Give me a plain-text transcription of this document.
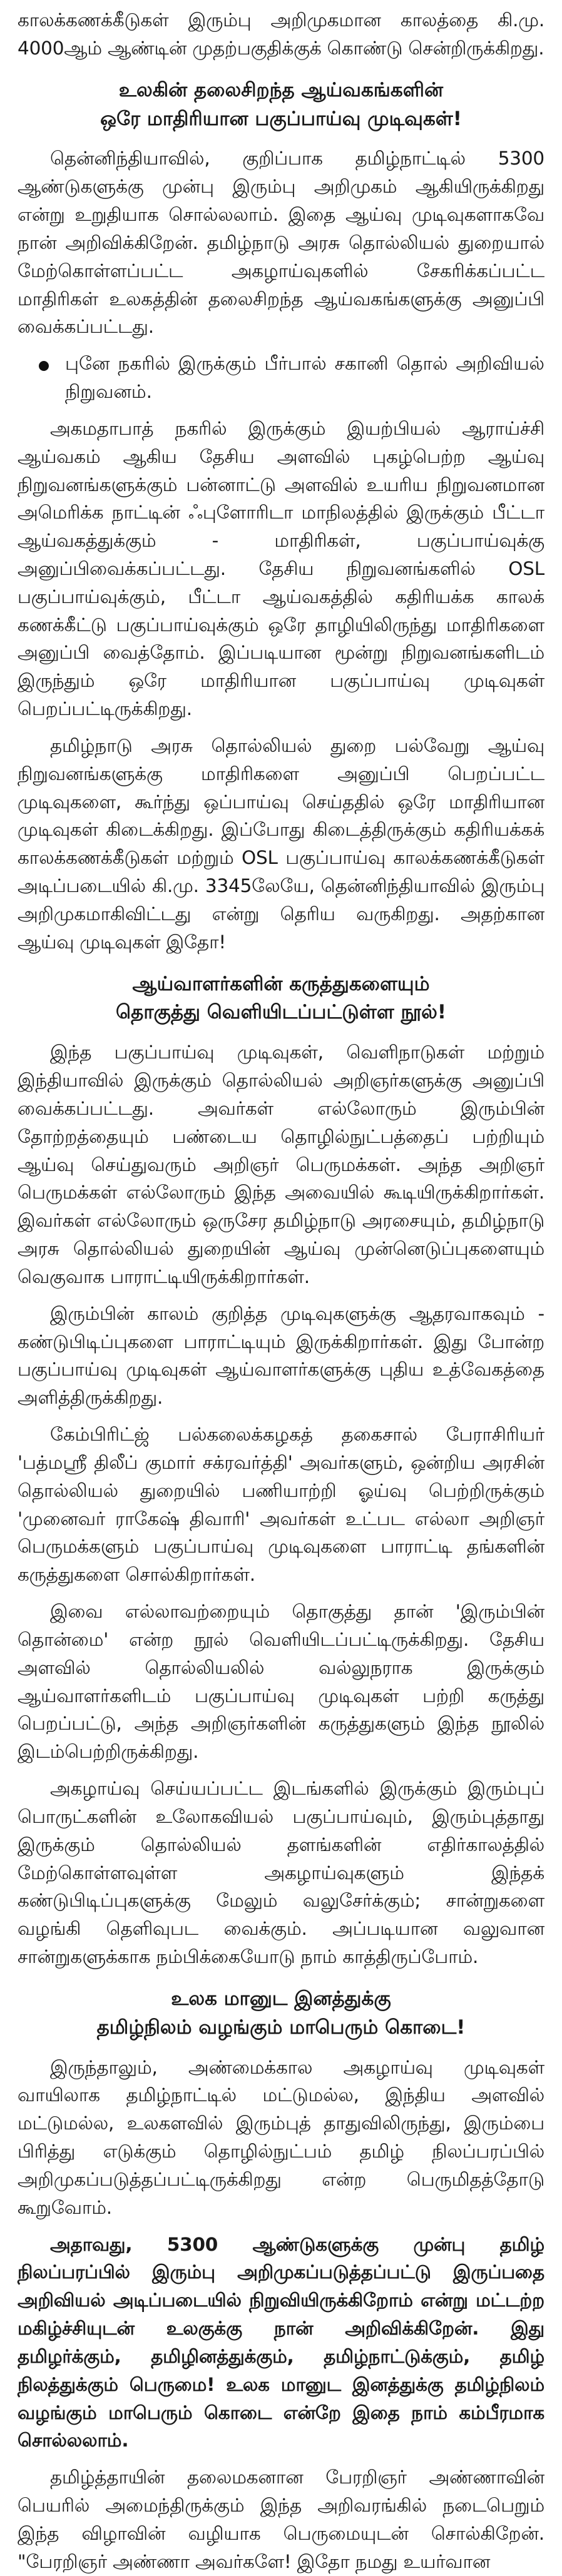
காலக்கணக்கீடுகள் இரும்பு அறிமுகமான காலத்தை கி.மு. 4000ஆம் ஆண்டின் முதற்பகுதிக்குக் கொண்டு சென்றிருக்கிறது.

உலகின் தலைசிறந்த ஆய்வகங்களின்
ஒரே மாதிரியான பகுப்பாய்வு முடிவுகள்!

தென்னிந்தியாவில், குறிப்பாக தமிழ்நாட்டில் 5300 ஆண்டுகளுக்கு முன்பு இரும்பு அறிமுகம் ஆகியிருக்கிறது என்று உறுதியாக சொல்லலாம். இதை ஆய்வு முடிவுகளாகவே நான் அறிவிக்கிறேன். தமிழ்நாடு அரசு தொல்லியல் துறையால் மேற்கொள்ளப்பட்ட அகழாய்வுகளில் சேகரிக்கப்பட்ட மாதிரிகள் உலகத்தின் தலைசிறந்த ஆய்வகங்களுக்கு அனுப்பி வைக்கப்பட்டது.

புனே நகரில் இருக்கும் பீர்பால் சகானி தொல் அறிவியல் நிறுவனம்.

அகமதாபாத் நகரில் இருக்கும் இயற்பியல் ஆராய்ச்சி ஆய்வகம் ஆகிய தேசிய அளவில் புகழ்பெற்ற ஆய்வு நிறுவனங்களுக்கும் பன்னாட்டு அளவில் உயரிய நிறுவனமான அமெரிக்க நாட்டின் ஃபுளோரிடா மாநிலத்தில் இருக்கும் பீட்டா ஆய்வகத்துக்கும் - மாதிரிகள், பகுப்பாய்வுக்கு அனுப்பிவைக்கப்பட்டது. தேசிய நிறுவனங்களில் OSL பகுப்பாய்வுக்கும், பீட்டா ஆய்வகத்தில் கதிரியக்க காலக் கணக்கீட்டு பகுப்பாய்வுக்கும் ஒரே தாழியிலிருந்து மாதிரிகளை அனுப்பி வைத்தோம். இப்படியான மூன்று நிறுவனங்களிடம் இருந்தும் ஒரே மாதிரியான பகுப்பாய்வு முடிவுகள் பெறப்பட்டிருக்கிறது.

தமிழ்நாடு அரசு தொல்லியல் துறை பல்வேறு ஆய்வு நிறுவனங்களுக்கு மாதிரிகளை அனுப்பி பெறப்பட்ட முடிவுகளை, கூர்ந்து ஒப்பாய்வு செய்ததில் ஒரே மாதிரியான முடிவுகள் கிடைக்கிறது. இப்போது கிடைத்திருக்கும் கதிரியக்கக் காலக்கணக்கீடுகள் மற்றும் OSL பகுப்பாய்வு காலக்கணக்கீடுகள் அடிப்படையில் கி.மு. 3345லேயே, தென்னிந்தியாவில் இரும்பு அறிமுகமாகிவிட்டது என்று தெரிய வருகிறது. அதற்கான ஆய்வு முடிவுகள் இதோ!

ஆய்வாளர்களின் கருத்துகளையும்
தொகுத்து வெளியிடப்பட்டுள்ள நூல்!

இந்த பகுப்பாய்வு முடிவுகள், வெளிநாடுகள் மற்றும் இந்தியாவில் இருக்கும் தொல்லியல் அறிஞர்களுக்கு அனுப்பி வைக்கப்பட்டது. அவர்கள் எல்லோரும் இரும்பின் தோற்றத்தையும் பண்டைய தொழில்நுட்பத்தைப் பற்றியும் ஆய்வு செய்துவரும் அறிஞர் பெருமக்கள். அந்த அறிஞர் பெருமக்கள் எல்லோரும் இந்த அவையில் கூடியிருக்கிறார்கள். இவர்கள் எல்லோரும் ஒருசேர தமிழ்நாடு அரசையும், தமிழ்நாடு அரசு தொல்லியல் துறையின் ஆய்வு முன்னெடுப்புகளையும் வெகுவாக பாராட்டியிருக்கிறார்கள்.

இரும்பின் காலம் குறித்த முடிவுகளுக்கு ஆதரவாகவும் - கண்டுபிடிப்புகளை பாராட்டியும் இருக்கிறார்கள். இது போன்ற பகுப்பாய்வு முடிவுகள் ஆய்வாளர்களுக்கு புதிய உத்வேகத்தை அளித்திருக்கிறது.

கேம்பிரிட்ஜ் பல்கலைக்கழகத் தகைசால் பேராசிரியர் 'பத்மஸ்ரீ திலீப் குமார் சக்ரவர்த்தி' அவர்களும், ஒன்றிய அரசின் தொல்லியல் துறையில் பணியாற்றி ஓய்வு பெற்றிருக்கும் 'முனைவர் ராகேஷ் திவாரி' அவர்கள் உட்பட எல்லா அறிஞர் பெருமக்களும் பகுப்பாய்வு முடிவுகளை பாராட்டி தங்களின் கருத்துகளை சொல்கிறார்கள்.

இவை எல்லாவற்றையும் தொகுத்து தான் 'இரும்பின் தொன்மை' என்ற நூல் வெளியிடப்பட்டிருக்கிறது. தேசிய அளவில் தொல்லியலில் வல்லுநராக இருக்கும் ஆய்வாளர்களிடம் பகுப்பாய்வு முடிவுகள் பற்றி கருத்து பெறப்பட்டு, அந்த அறிஞர்களின் கருத்துகளும் இந்த நூலில் இடம்பெற்றிருக்கிறது.

அகழாய்வு செய்யப்பட்ட இடங்களில் இருக்கும் இரும்புப் பொருட்களின் உலோகவியல் பகுப்பாய்வும், இரும்புத்தாது இருக்கும் தொல்லியல் தளங்களின் எதிர்காலத்தில் மேற்கொள்ளவுள்ள அகழாய்வுகளும் இந்தக் கண்டுபிடிப்புகளுக்கு மேலும் வலுசேர்க்கும்; சான்றுகளை வழங்கி தெளிவுபட வைக்கும். அப்படியான வலுவான சான்றுகளுக்காக நம்பிக்கையோடு நாம் காத்திருப்போம்.

உலக மானுட இனத்துக்கு
தமிழ்நிலம் வழங்கும் மாபெரும் கொடை!

இருந்தாலும், அண்மைக்கால அகழாய்வு முடிவுகள் வாயிலாக தமிழ்நாட்டில் மட்டுமல்ல, இந்திய அளவில் மட்டுமல்ல, உலகளவில் இரும்புத் தாதுவிலிருந்து, இரும்பை பிரித்து எடுக்கும் தொழில்நுட்பம் தமிழ் நிலப்பரப்பில் அறிமுகப்படுத்தப்பட்டிருக்கிறது என்ற பெருமிதத்தோடு கூறுவோம்.

அதாவது, 5300 ஆண்டுகளுக்கு முன்பு தமிழ் நிலப்பரப்பில் இரும்பு அறிமுகப்படுத்தப்பட்டு இருப்பதை அறிவியல் அடிப்படையில் நிறுவியிருக்கிறோம் என்று மட்டற்ற மகிழ்ச்சியுடன் உலகுக்கு நான் அறிவிக்கிறேன். இது தமிழர்க்கும், தமிழினத்துக்கும், தமிழ்நாட்டுக்கும், தமிழ் நிலத்துக்கும் பெருமை! உலக மானுட இனத்துக்கு தமிழ்நிலம் வழங்கும் மாபெரும் கொடை என்றே இதை நாம் கம்பீரமாக சொல்லலாம்.

தமிழ்த்தாயின் தலைமகனான பேரறிஞர் அண்ணாவின் பெயரில் அமைந்திருக்கும் இந்த அறிவரங்கில் நடைபெறும் இந்த விழாவின் வழியாக பெருமையுடன் சொல்கிறேன். "பேரறிஞர் அண்ணா அவர்களே! இதோ நமது உயர்வான
